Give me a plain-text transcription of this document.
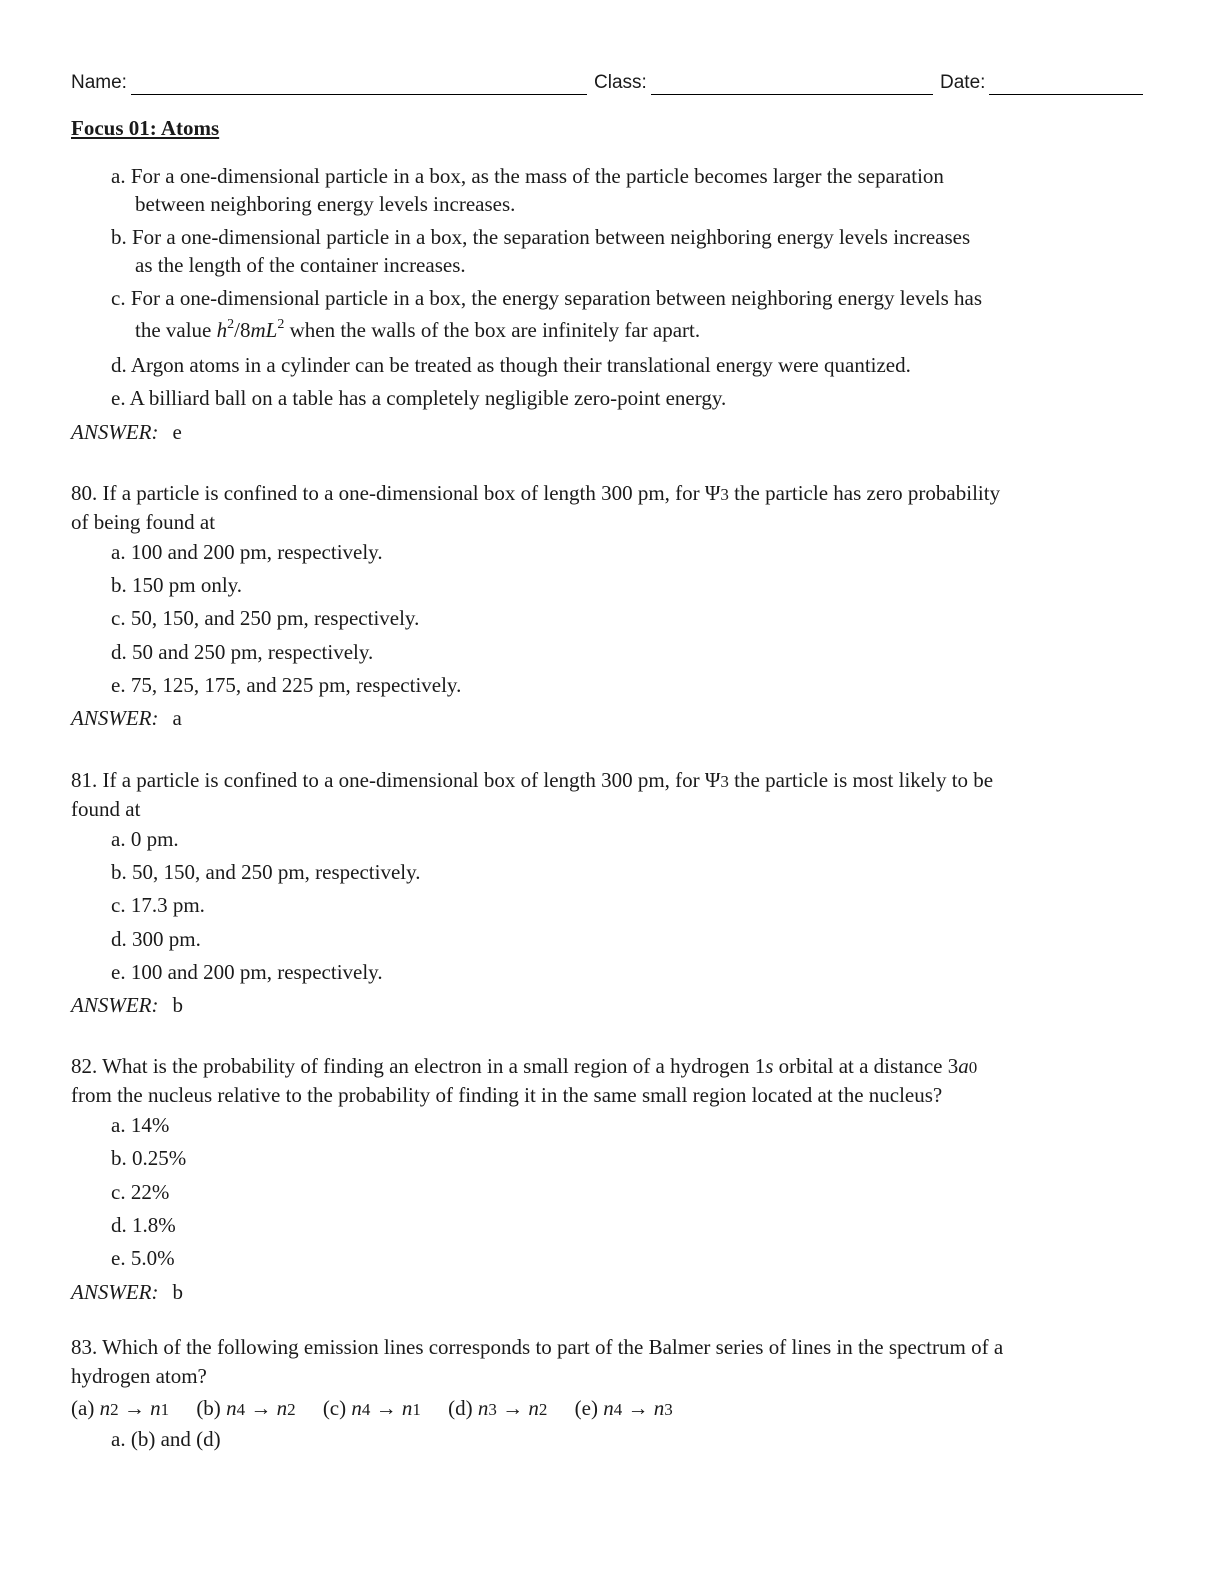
Name:	Class:	Date:
Focus 01: Atoms
a. For a one-dimensional particle in a box, as the mass of the particle becomes larger the separation
between neighboring energy levels increases.
b. For a one-dimensional particle in a box, the separation between neighboring energy levels increases
as the length of the container increases.
c. For a one-dimensional particle in a box, the energy separation between neighboring energy levels has
the value $h^2/8mL^2$ when the walls of the box are infinitely far apart.
d. Argon atoms in a cylinder can be treated as though their translational energy were quantized.
e. A billiard ball on a table has a completely negligible zero-point energy.
ANSWER: e
80. If a particle is confined to a one-dimensional box of length 300 pm, for Ψ3 the particle has zero probability
of being found at
a. 100 and 200 pm, respectively.
b. 150 pm only.
c. 50, 150, and 250 pm, respectively.
d. 50 and 250 pm, respectively.
e. 75, 125, 175, and 225 pm, respectively.
ANSWER: a
81. If a particle is confined to a one-dimensional box of length 300 pm, for Ψ3 the particle is most likely to be
found at
a. 0 pm.
b. 50, 150, and 250 pm, respectively.
c. 17.3 pm.
d. 300 pm.
e. 100 and 200 pm, respectively.
ANSWER: b
82. What is the probability of finding an electron in a small region of a hydrogen 1s orbital at a distance 3a0
from the nucleus relative to the probability of finding it in the same small region located at the nucleus?
a. 14%
b. 0.25%
c. 22%
d. 1.8%
e. 5.0%
ANSWER: b
83. Which of the following emission lines corresponds to part of the Balmer series of lines in the spectrum of a
hydrogen atom?
(a) n2 → n1 (b) n4 → n2 (c) n4 → n1 (d) n3 → n2 (e) n4 → n3
a. (b) and (d)
